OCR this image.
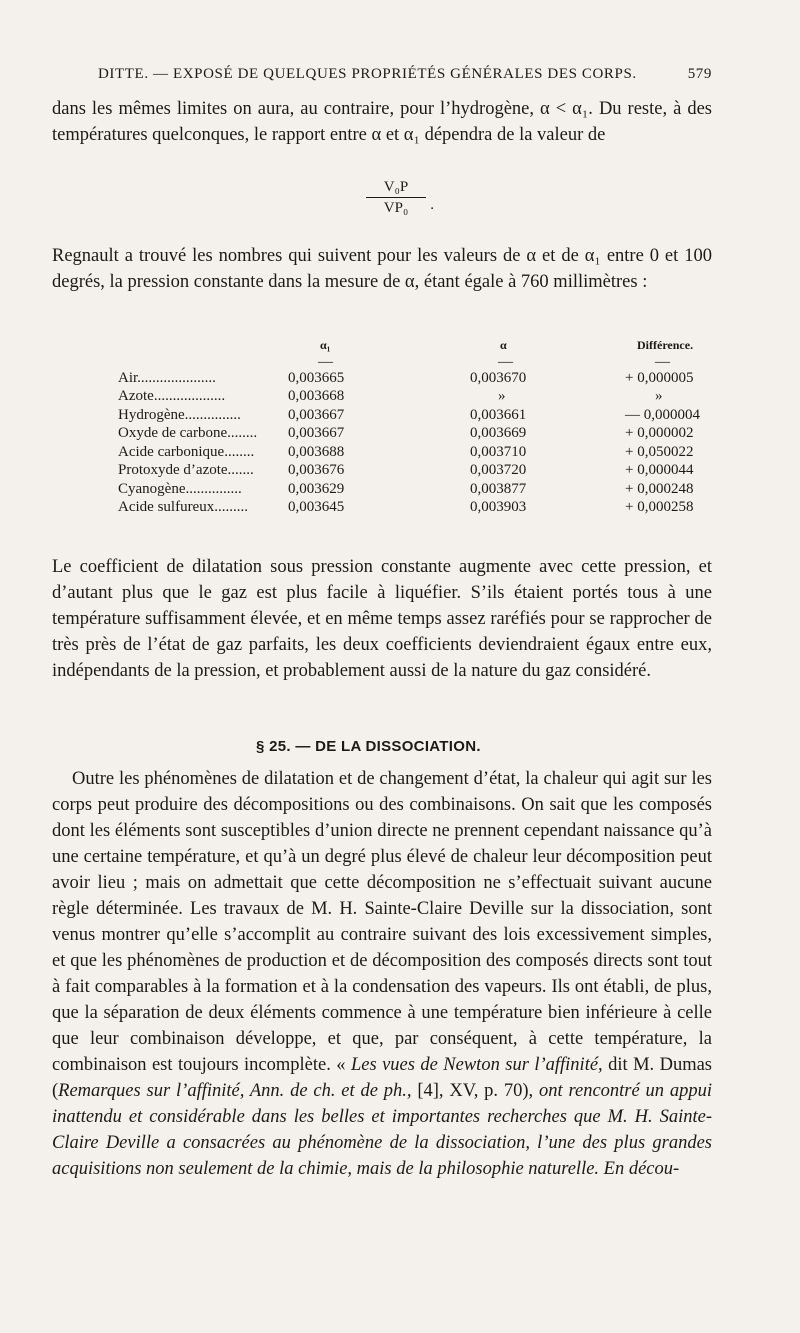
DITTE. — EXPOSÉ DE QUELQUES PROPRIÉTÉS GÉNÉRALES DES CORPS.	579
dans les mêmes limites on aura, au contraire, pour l’hydrogène, α < α₁. Du reste, à des températures quelconques, le rapport entre α et α₁ dépendra de la valeur de
V₀P
VP₀	.
Regnault a trouvé les nombres qui suivent pour les valeurs de α et de α₁ entre 0 et 100 degrés, la pression constante dans la mesure de α, étant égale à 760 millimètres :
	α₁	α	Différence.
	—	—	—
Air.....................	0,003665	0,003670	+ 0,000005
Azote...................	0,003668	»	»
Hydrogène...............	0,003667	0,003661	— 0,000004
Oxyde de carbone........	0,003667	0,003669	+ 0,000002
Acide carbonique........	0,003688	0,003710	+ 0,050022
Protoxyde d’azote.......	0,003676	0,003720	+ 0,000044
Cyanogène...............	0,003629	0,003877	+ 0,000248
Acide sulfureux.........	0,003645	0,003903	+ 0,000258
Le coefficient de dilatation sous pression constante augmente avec cette pression, et d’autant plus que le gaz est plus facile à liquéfier. S’ils étaient portés tous à une température suffisamment élevée, et en même temps assez raréfiés pour se rapprocher de très près de l’état de gaz parfaits, les deux coefficients deviendraient égaux entre eux, indépendants de la pression, et probablement aussi de la nature du gaz considéré.
§ 25. — DE LA DISSOCIATION.
Outre les phénomènes de dilatation et de changement d’état, la chaleur qui agit sur les corps peut produire des décompositions ou des combinaisons. On sait que les composés dont les éléments sont susceptibles d’union directe ne prennent cependant naissance qu’à une certaine température, et qu’à un degré plus élevé de chaleur leur décomposition peut avoir lieu ; mais on admettait que cette décomposition ne s’effectuait suivant aucune règle déterminée. Les travaux de M. H. Sainte-Claire Deville sur la dissociation, sont venus montrer qu’elle s’accomplit au contraire suivant des lois excessivement simples, et que les phénomènes de production et de décomposition des composés directs sont tout à fait comparables à la formation et à la condensation des vapeurs. Ils ont établi, de plus, que la séparation de deux éléments commence à une température bien inférieure à celle que leur combinaison développe, et que, par conséquent, à cette température, la combinaison est toujours incomplète. « Les vues de Newton sur l’affinité, dit M. Dumas (Remarques sur l’affinité, Ann. de ch. et de ph., [4], XV, p. 70), ont rencontré un appui inattendu et considérable dans les belles et importantes recherches que M. H. Sainte-Claire Deville a consacrées au phénomène de la dissociation, l’une des plus grandes acquisitions non seulement de la chimie, mais de la philosophie naturelle. En décou-
